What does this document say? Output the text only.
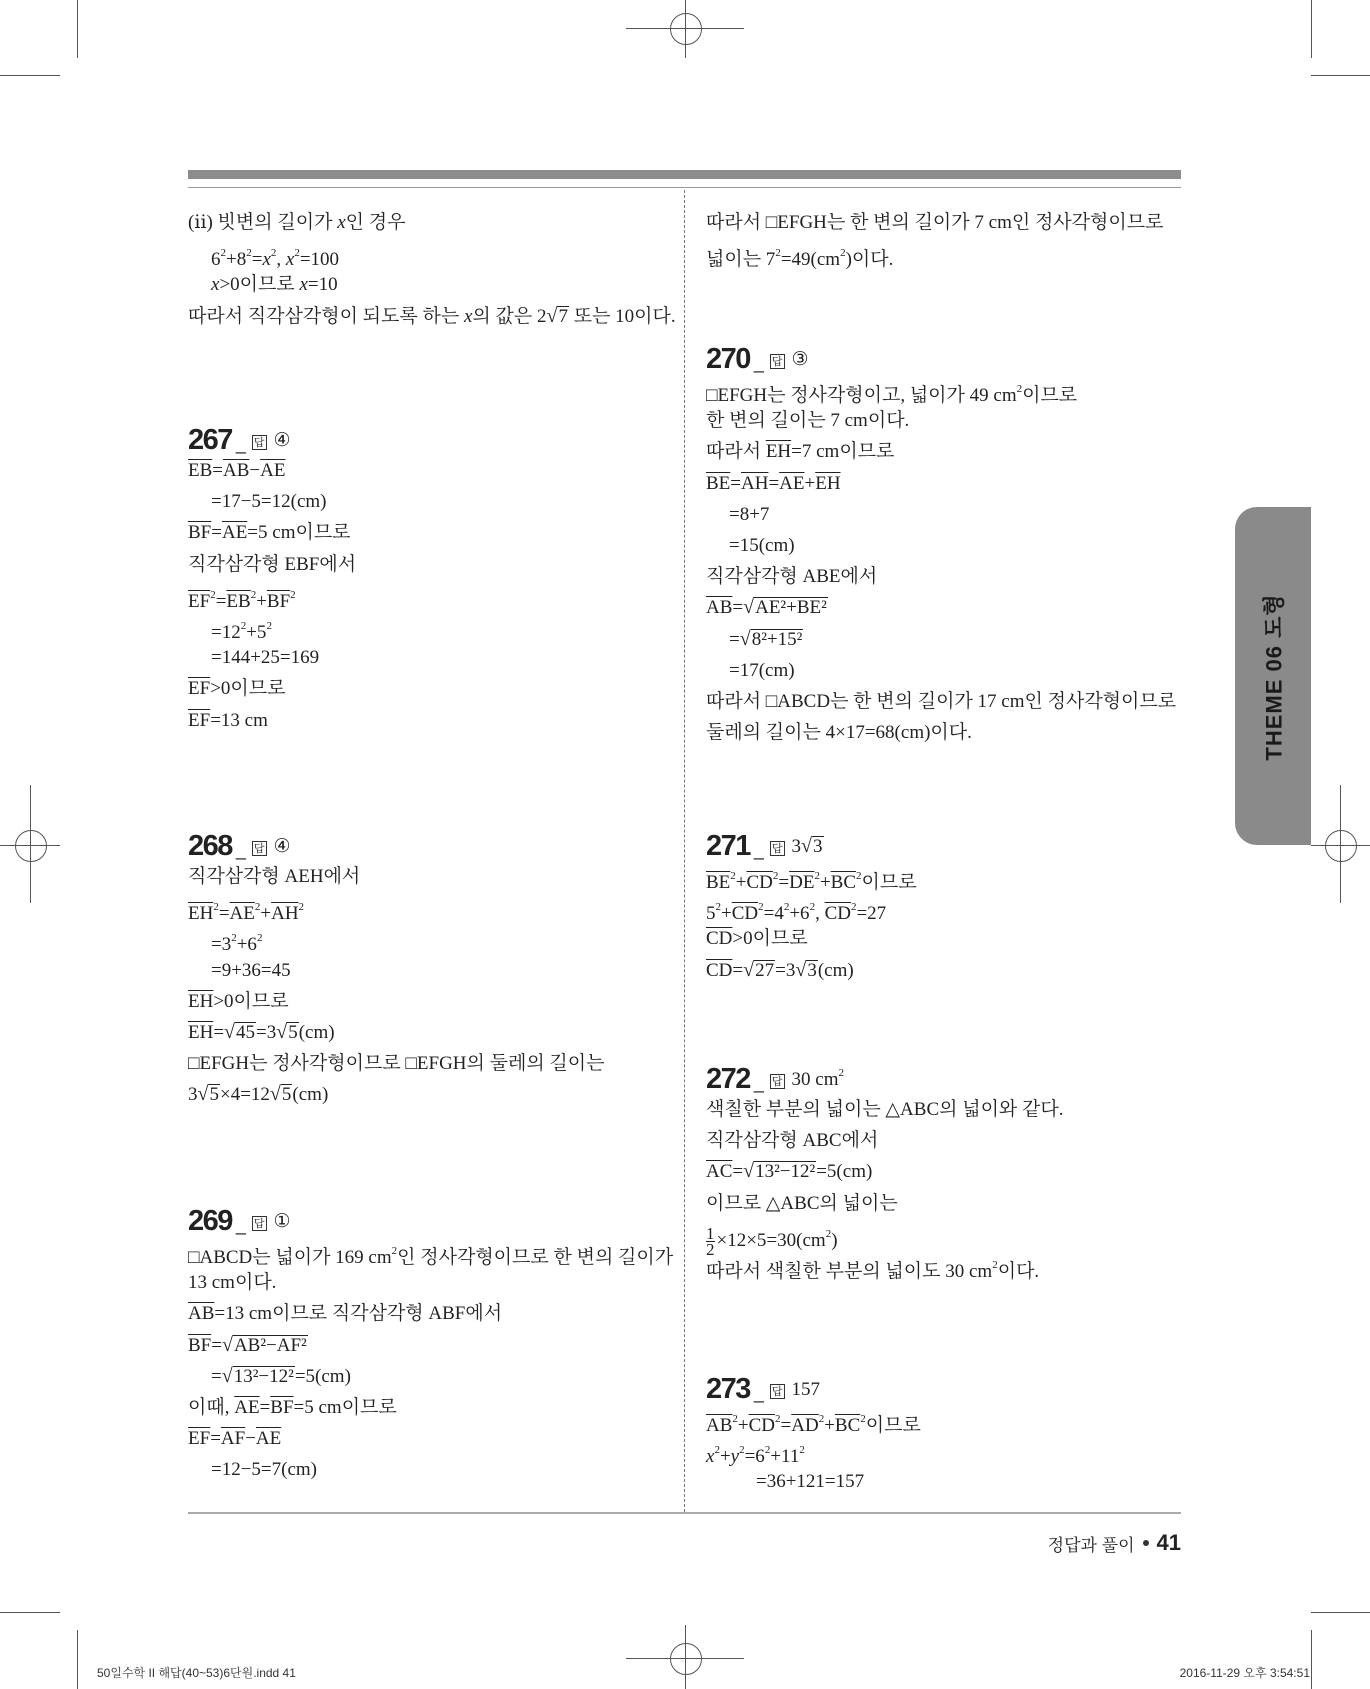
THEME 06 도형
(ⅱ) 빗변의 길이가 x인 경우
$6^2+8^2=x^2$, $x^2=100$
x>0이므로 x=10
따라서 직각삼각형이 되도록 하는 x의 값은 2√7 또는 10이다.
267 _ 답 ④
$\overline{EB}=\overline{AB}-\overline{AE}$
=17−5=12(cm)
$\overline{BF}=\overline{AE}=5$ cm이므로
직각삼각형 EBF에서
$\overline{EF}^2=\overline{EB}^2+\overline{BF}^2$
$=12^2+5^2$
=144+25=169
$\overline{EF}>0$이므로
$\overline{EF}=13$ cm
268 _ 답 ④
직각삼각형 AEH에서
$\overline{EH}^2=\overline{AE}^2+\overline{AH}^2$
$=3^2+6^2$
=9+36=45
$\overline{EH}>0$이므로
$\overline{EH}=√45=3√5(cm)$
□EFGH는 정사각형이므로 □EFGH의 둘레의 길이는
3√5×4=12√5(cm)
269 _ 답 ①
□ABCD는 넓이가 169 $cm^2$인 정사각형이므로 한 변의 길이가
13 cm이다.
$\overline{AB}=13$ cm이므로 직각삼각형 ABF에서
$\overline{BF}=√AB^2-AF^2$
=√13²−12²=5(cm)
이때, $\overline{AE}=\overline{BF}=5$ cm이므로
$\overline{EF}=\overline{AF}-\overline{AE}$
=12−5=7(cm)
따라서 □EFGH는 한 변의 길이가 7 cm인 정사각형이므로
넓이는 $7^2=49(cm^2)$이다.
270 _ 답 ③
□EFGH는 정사각형이고, 넓이가 49 $cm^2$이므로
한 변의 길이는 7 cm이다.
따라서 $\overline{EH}=7$ cm이므로
$\overline{BE}=\overline{AH}=\overline{AE}+\overline{EH}$
=8+7
=15(cm)
직각삼각형 ABE에서
$\overline{AB}=√AE^2+BE^2$
=√8²+15²
=17(cm)
따라서 □ABCD는 한 변의 길이가 17 cm인 정사각형이므로
둘레의 길이는 4×17=68(cm)이다.
271 _ 답 3√3
$\overline{BE}^2+\overline{CD}^2=\overline{DE}^2+\overline{BC}^2$이므로
$5^2+\overline{CD}^2=4^2+6^2$, $\overline{CD}^2=27$
$\overline{CD}>0$이므로
$\overline{CD}=√27=3√3(cm)$
272 _ 답 30 $cm^2$
색칠한 부분의 넓이는 △ABC의 넓이와 같다.
직각삼각형 ABC에서
$\overline{AC}=√13^2-12^2=5(cm)$
이므로 △ABC의 넓이는
$\frac{1}{2} \times 12\times 5=30(cm^2)$
따라서 색칠한 부분의 넓이도 30 $cm^2$이다.
273 _ 답 157
$\overline{AB}^2+\overline{CD}^2=\overline{AD}^2+\overline{BC}^2$이므로
$x^2+y^2=6^2+11^2$
=36+121=157
정답과 풀이 41
50일수학 II 해답(40~53)6단원.indd 41	2016-11-29 오후 3:54:51
